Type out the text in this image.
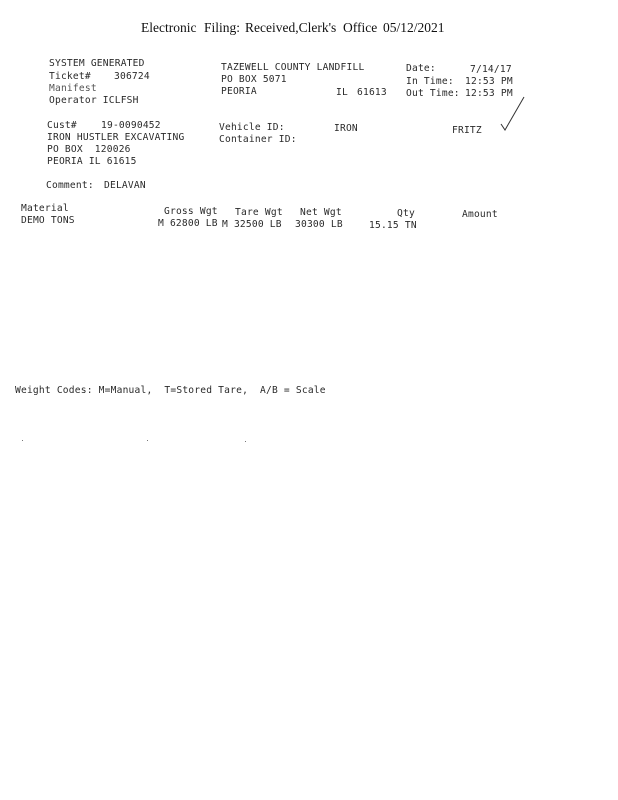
Electronic Filing: Received,Clerk's Office 05/12/2021
SYSTEM GENERATED
Ticket# 306724
Manifest
Operator ICLFSH
TAZEWELL COUNTY LANDFILL
PO BOX 5071
PEORIA	IL 61613
Date:	7/14/17
In Time: 12:53 PM
Out Time: 12:53 PM
Cust#	19-0090452
IRON HUSTLER EXCAVATING
PO BOX  120026
PEORIA IL 61615
Vehicle ID:	IRON
Container ID:
FRITZ
Comment: DELAVAN
Material	Gross Wgt Tare Wgt Net Wgt	Qty	Amount
DEMO TONS	M 62800 LB M 32500 LB 30300 LB	15.15 TN
Weight Codes: M=Manual,  T=Stored Tare,  A/B = Scale
